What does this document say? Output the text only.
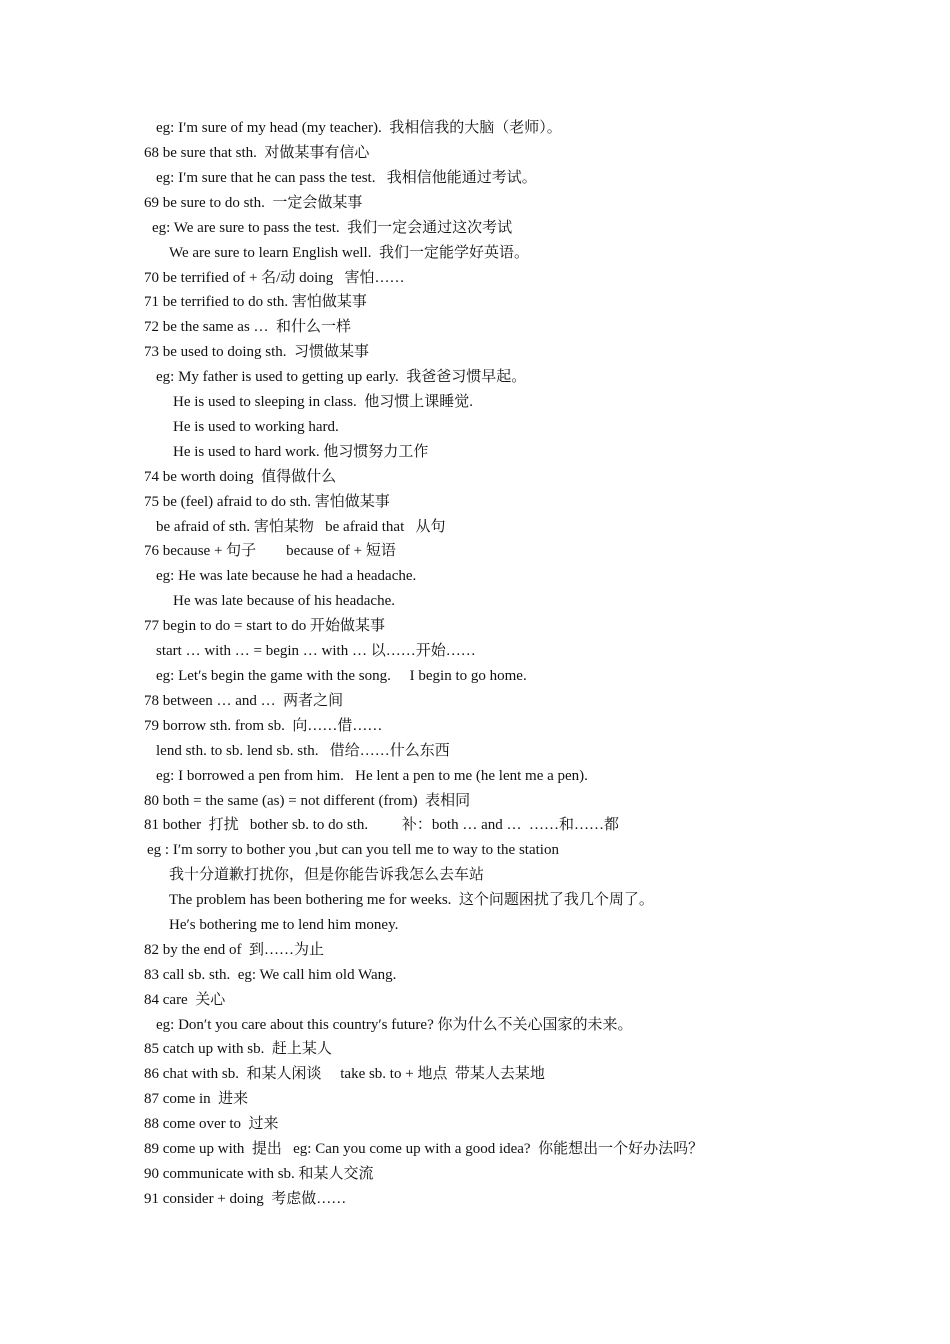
eg: I′m sure of my head (my teacher).  我相信我的大脑（老师）。
68 be sure that sth.  对做某事有信心
eg: I′m sure that he can pass the test.   我相信他能通过考试。
69 be sure to do sth.  一定会做某事
eg: We are sure to pass the test.  我们一定会通过这次考试
We are sure to learn English well.  我们一定能学好英语。
70 be terrified of + 名/动 doing   害怕……
71 be terrified to do sth. 害怕做某事
72 be the same as …  和什么一样
73 be used to doing sth.  习惯做某事
eg: My father is used to getting up early.  我爸爸习惯早起。
He is used to sleeping in class.  他习惯上课睡觉.
He is used to working hard.
He is used to hard work. 他习惯努力工作
74 be worth doing  值得做什么
75 be (feel) afraid to do sth. 害怕做某事
be afraid of sth. 害怕某物   be afraid that   从句
76 because + 句子        because of + 短语
eg: He was late because he had a headache.
He was late because of his headache.
77 begin to do = start to do 开始做某事
start … with … = begin … with … 以……开始……
eg: Let′s begin the game with the song.     I begin to go home.
78 between … and …  两者之间
79 borrow sth. from sb.  向……借……
lend sth. to sb. lend sb. sth.   借给……什么东西
eg: I borrowed a pen from him.   He lent a pen to me (he lent me a pen).
80 both = the same (as) = not different (from)  表相同
81 bother  打扰   bother sb. to do sth.         补：both … and …  ……和……都
eg : I′m sorry to bother you ,but can you tell me to way to the station
我十分道歉打扰你，但是你能告诉我怎么去车站
The problem has been bothering me for weeks.  这个问题困扰了我几个周了。
He′s bothering me to lend him money.
82 by the end of  到……为止
83 call sb. sth.  eg: We call him old Wang.
84 care  关心
eg: Don′t you care about this country′s future? 你为什么不关心国家的未来。
85 catch up with sb.  赶上某人
86 chat with sb.  和某人闲谈     take sb. to + 地点  带某人去某地
87 come in  进来
88 come over to  过来
89 come up with  提出   eg: Can you come up with a good idea?  你能想出一个好办法吗？
90 communicate with sb. 和某人交流
91 consider + doing  考虑做……
